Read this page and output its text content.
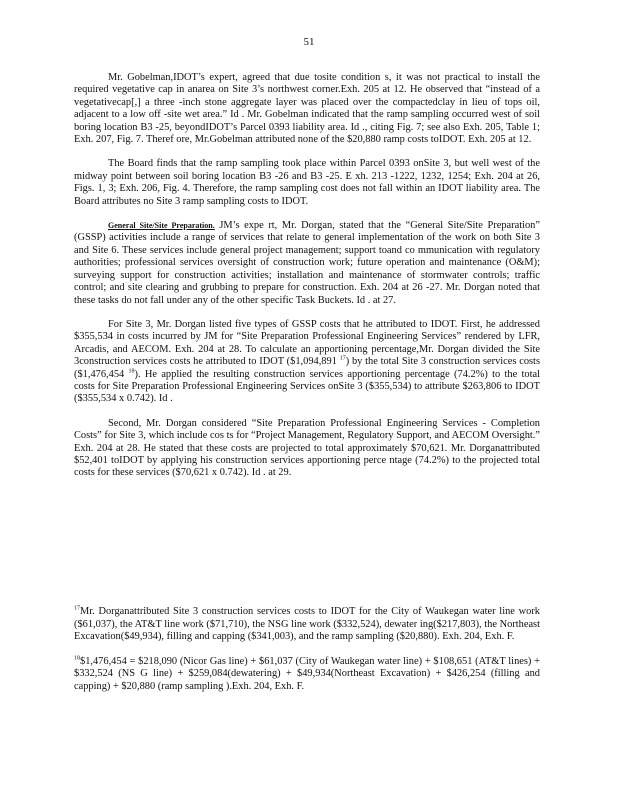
51

Mr. Gobelman,IDOT’s expert, agreed that due tosite condition s, it was not practical to install the required vegetative cap in anarea on Site 3’s northwest corner.Exh. 205 at 12. He observed that “instead of a vegetativecap[,] a three -inch stone aggregate layer was placed over the compactedclay in lieu of tops oil, adjacent to a low off -site wet area.” Id . Mr. Gobelman indicated that the ramp sampling occurred west of soil boring location B3 -25, beyondIDOT’s Parcel 0393 liability area. Id ., citing Fig. 7; see also Exh. 205, Table 1; Exh. 207, Fig. 7. Theref ore, Mr.Gobelman attributed none of the $20,880 ramp costs toIDOT. Exh. 205 at 12.

The Board finds that the ramp sampling took place within Parcel 0393 onSite 3, but well west of the midway point between soil boring location B3 -26 and B3 -25. E xh. 213 -1222, 1232, 1254; Exh. 204 at 26, Figs. 1, 3; Exh. 206, Fig. 4. Therefore, the ramp sampling cost does not fall within an IDOT liability area. The Board attributes no Site 3 ramp sampling costs to IDOT.

General Site/Site Preparation. JM’s expe rt, Mr. Dorgan, stated that the “General Site/Site Preparation” (GSSP) activities include a range of services that relate to general implementation of the work on both Site 3 and Site 6. These services include general project management; support toand co mmunication with regulatory authorities; professional services oversight of construction work; future operation and maintenance (O&M); surveying support for construction activities; installation and maintenance of stormwater controls; traffic control; and site clearing and grubbing to prepare for construction. Exh. 204 at 26 -27. Mr. Dorgan noted that these tasks do not fall under any of the other specific Task Buckets. Id . at 27.

For Site 3, Mr. Dorgan listed five types of GSSP costs that he attributed to IDOT. First, he addressed $355,534 in costs incurred by JM for “Site Preparation Professional Engineering Services” rendered by LFR, Arcadis, and AECOM. Exh. 204 at 28. To calculate an apportioning percentage,Mr. Dorgan divided the Site 3construction services costs he attributed to IDOT ($1,094,891 $^{17}$) by the total Site 3 construction services costs ($1,476,454 $^{18}$). He applied the resulting construction services apportioning percentage (74.2%) to the total costs for Site Preparation Professional Engineering Services onSite 3 ($355,534) to attribute $263,806 to IDOT ($355,534 x 0.742). Id .

Second, Mr. Dorgan considered “Site Preparation Professional Engineering Services - Completion Costs” for Site 3, which include cos ts for “Project Management, Regulatory Support, and AECOM Oversight.” Exh. 204 at 28. He stated that these costs are projected to total approximately $70,621. Mr. Dorganattributed $52,401 toIDOT by applying his construction services apportioning perce ntage (74.2%) to the projected total costs for these services ($70,621 x 0.742). Id . at 29.

$^{17}$Mr. Dorganattributed Site 3 construction services costs to IDOT for the City of Waukegan water line work ($61,037), the AT&T line work ($71,710), the NSG line work ($332,524), dewater ing($217,803), the Northeast Excavation($49,934), filling and capping ($341,003), and the ramp sampling ($20,880). Exh. 204, Exh. F.

$^{18}$\$1,476,454 = $218,090 (Nicor Gas line) + $61,037 (City of Waukegan water line) + $108,651 (AT&T lines) + $332,524 (NS G line) + $259,084(dewatering) + $49,934(Northeast Excavation) + $426,254 (filling and capping) + $20,880 (ramp sampling ).Exh. 204, Exh. F.
